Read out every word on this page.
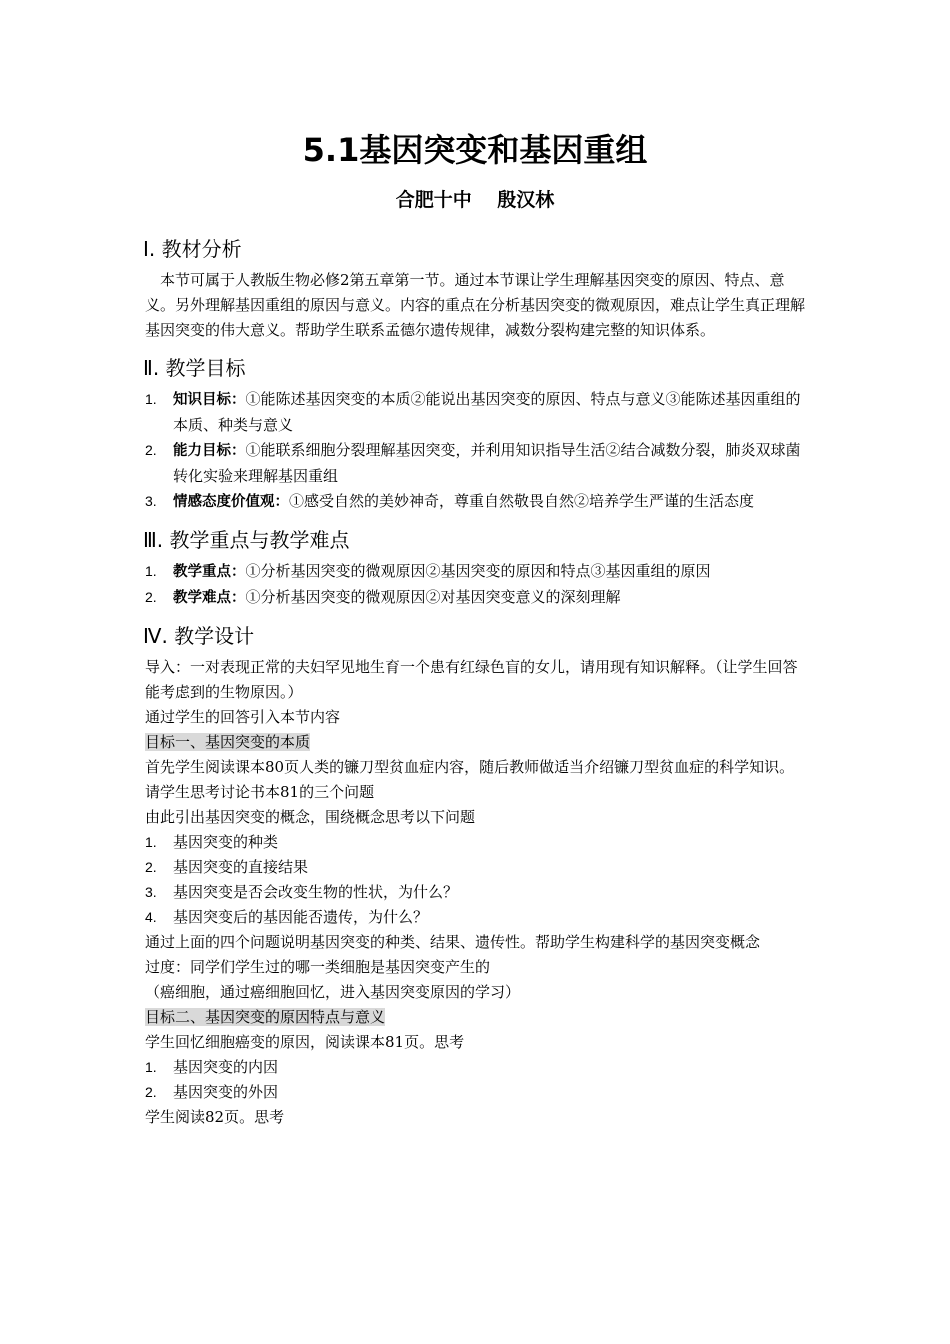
5.1基因突变和基因重组
合肥十中　 殷汉林
Ⅰ. 教材分析

本节可属于人教版生物必修2第五章第一节。通过本节课让学生理解基因突变的原因、特点、意义。另外理解基因重组的原因与意义。内容的重点在分析基因突变的微观原因，难点让学生真正理解基因突变的伟大意义。帮助学生联系孟德尔遗传规律，减数分裂构建完整的知识体系。

Ⅱ. 教学目标
1. 知识目标：①能陈述基因突变的本质②能说出基因突变的原因、特点与意义③能陈述基因重组的本质、种类与意义
2. 能力目标：①能联系细胞分裂理解基因突变，并利用知识指导生活②结合减数分裂，肺炎双球菌转化实验来理解基因重组
3. 情感态度价值观：①感受自然的美妙神奇，尊重自然敬畏自然②培养学生严谨的生活态度
Ⅲ. 教学重点与教学难点
1. 教学重点：①分析基因突变的微观原因②基因突变的原因和特点③基因重组的原因
2. 教学难点：①分析基因突变的微观原因②对基因突变意义的深刻理解
Ⅳ. 教学设计

导入：一对表现正常的夫妇罕见地生育一个患有红绿色盲的女儿，请用现有知识解释。（让学生回答能考虑到的生物原因。）

通过学生的回答引入本节内容

目标一、基因突变的本质

首先学生阅读课本80页人类的镰刀型贫血症内容，随后教师做适当介绍镰刀型贫血症的科学知识。请学生思考讨论书本81的三个问题

由此引出基因突变的概念，围绕概念思考以下问题

1. 基因突变的种类
2. 基因突变的直接结果
3. 基因突变是否会改变生物的性状，为什么？
4. 基因突变后的基因能否遗传，为什么？

通过上面的四个问题说明基因突变的种类、结果、遗传性。帮助学生构建科学的基因突变概念

过度：同学们学生过的哪一类细胞是基因突变产生的

（癌细胞，通过癌细胞回忆，进入基因突变原因的学习）

目标二、基因突变的原因特点与意义

学生回忆细胞癌变的原因，阅读课本81页。思考

1. 基因突变的内因
2. 基因突变的外因

学生阅读82页。思考
